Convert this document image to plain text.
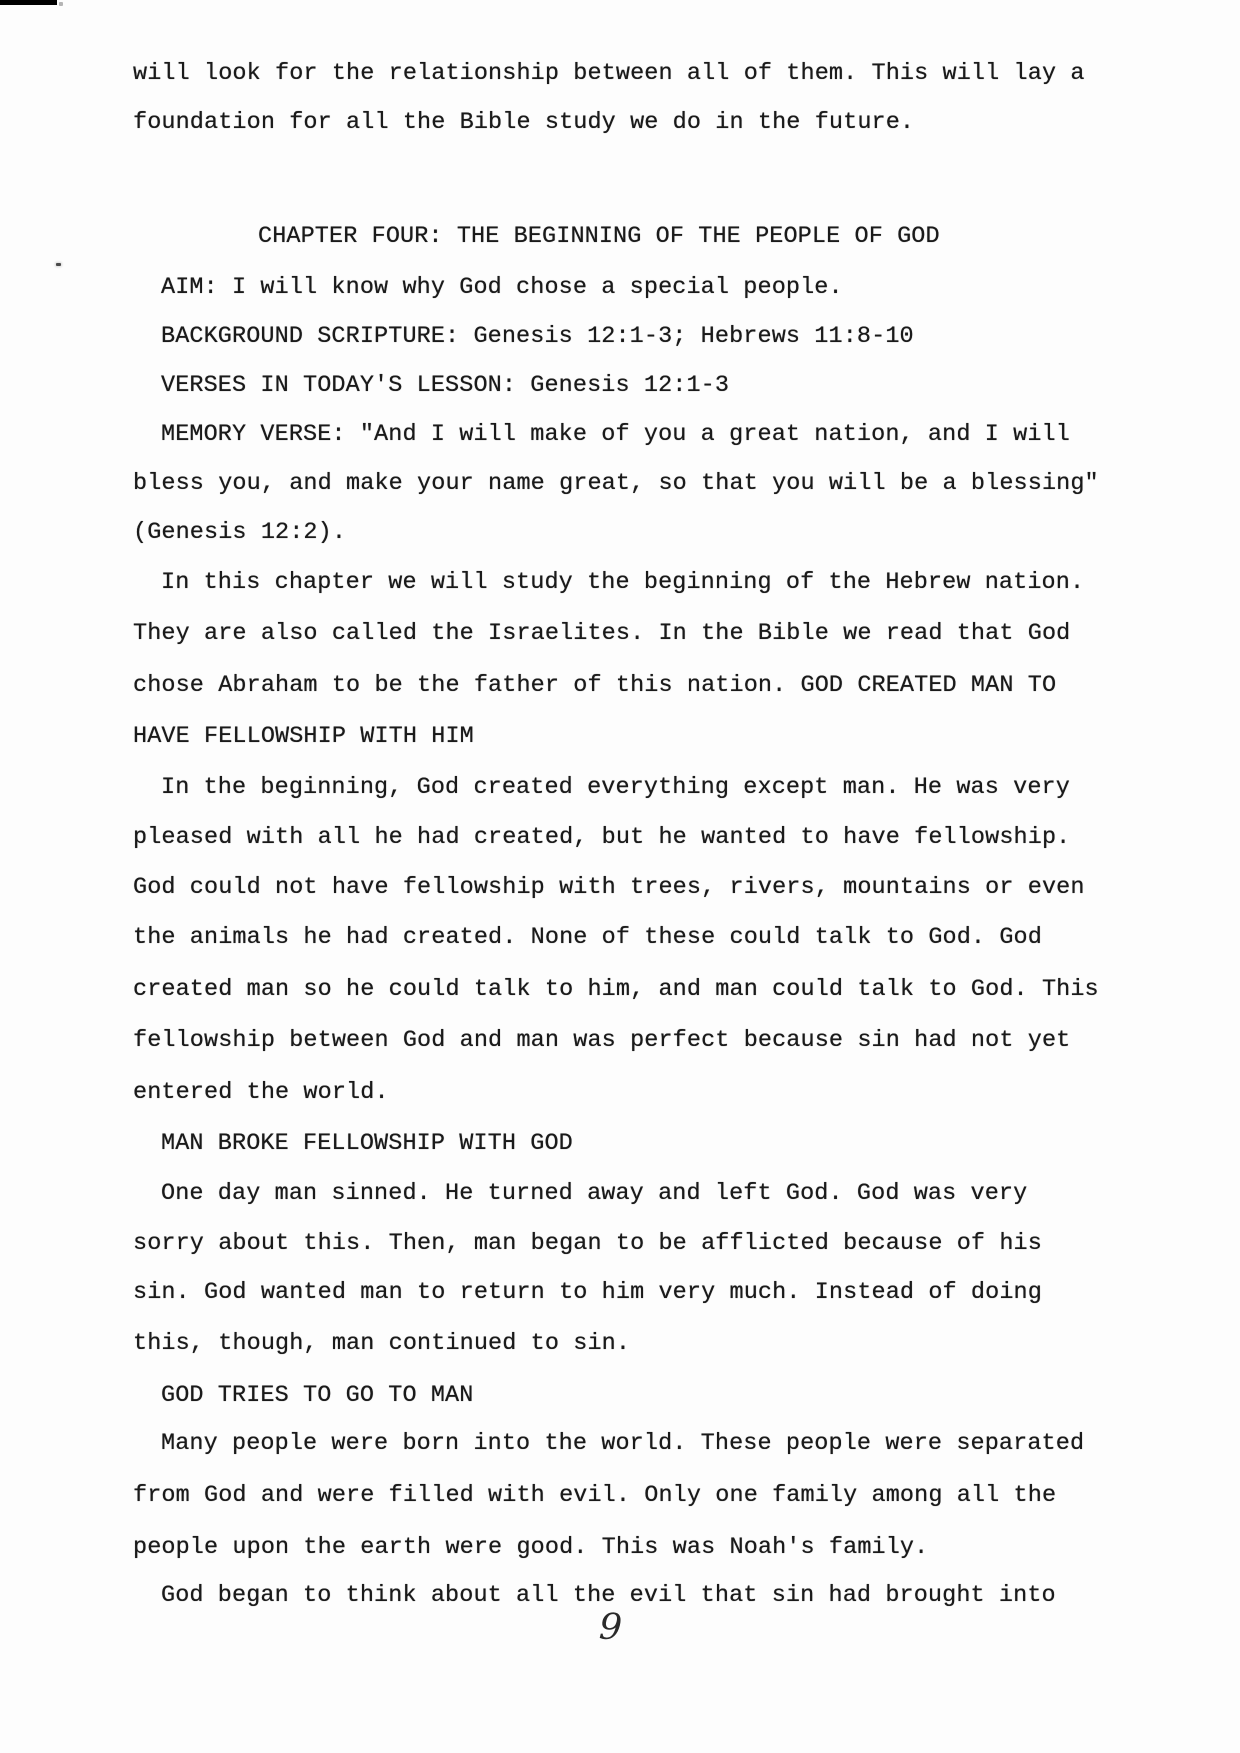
will look for the relationship between all of them. This will lay a
foundation for all the Bible study we do in the future.
CHAPTER FOUR: THE BEGINNING OF THE PEOPLE OF GOD
AIM: I will know why God chose a special people.
BACKGROUND SCRIPTURE: Genesis 12:1-3; Hebrews 11:8-10
VERSES IN TODAY'S LESSON: Genesis 12:1-3
MEMORY VERSE: "And I will make of you a great nation, and I will
bless you, and make your name great, so that you will be a blessing"
(Genesis 12:2).
In this chapter we will study the beginning of the Hebrew nation.
They are also called the Israelites. In the Bible we read that God
chose Abraham to be the father of this nation. GOD CREATED MAN TO
HAVE FELLOWSHIP WITH HIM
In the beginning, God created everything except man. He was very
pleased with all he had created, but he wanted to have fellowship.
God could not have fellowship with trees, rivers, mountains or even
the animals he had created. None of these could talk to God. God
created man so he could talk to him, and man could talk to God. This
fellowship between God and man was perfect because sin had not yet
entered the world.
MAN BROKE FELLOWSHIP WITH GOD
One day man sinned. He turned away and left God. God was very
sorry about this. Then, man began to be afflicted because of his
sin. God wanted man to return to him very much. Instead of doing
this, though, man continued to sin.
GOD TRIES TO GO TO MAN
Many people were born into the world. These people were separated
from God and were filled with evil. Only one family among all the
people upon the earth were good. This was Noah's family.
God began to think about all the evil that sin had brought into
9
